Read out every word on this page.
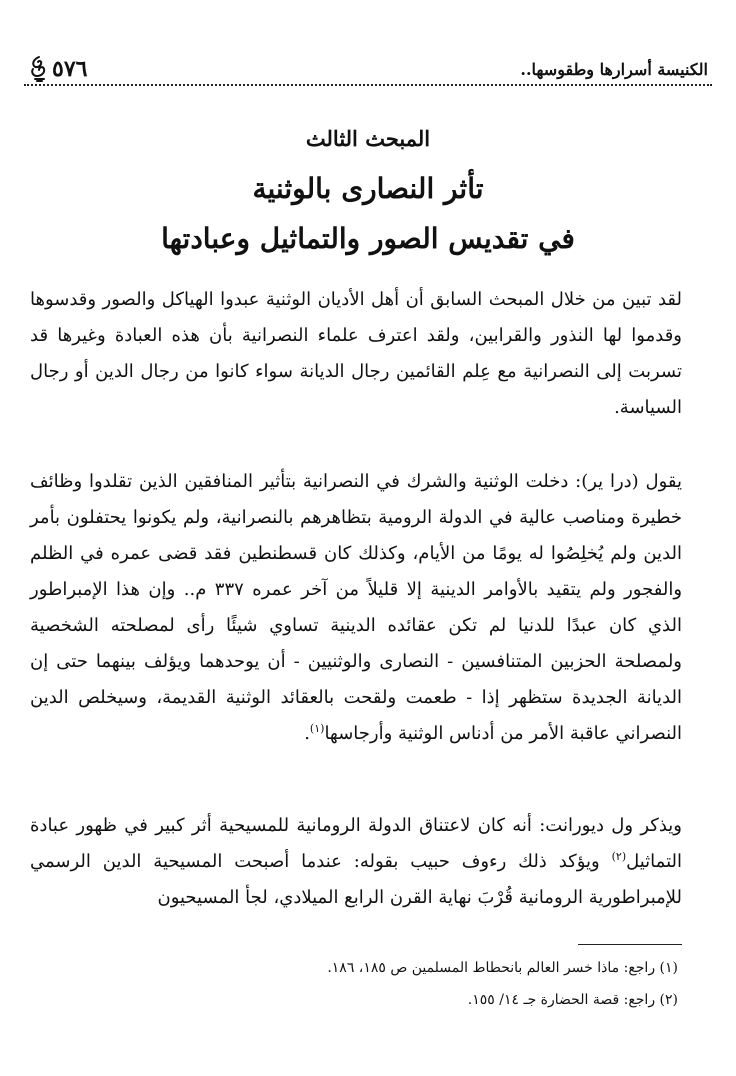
الكنيسة أسرارها وطقوسها..
٥٧٦
المبحث الثالث
تأثر النصارى بالوثنية
في تقديس الصور والتماثيل وعبادتها

لقد تبين من خلال المبحث السابق أن أهل الأديان الوثنية عبدوا الهياكل والصور وقدسوها وقدموا لها النذور والقرابين، ولقد اعترف علماء النصرانية بأن هذه العبادة وغيرها قد تسربت إلى النصرانية مع عِلم القائمين رجال الديانة سواء كانوا من رجال الدين أو رجال السياسة.

يقول (درا ير): دخلت الوثنية والشرك في النصرانية بتأثير المنافقين الذين تقلدوا وظائف خطيرة ومناصب عالية في الدولة الرومية بتظاهرهم بالنصرانية، ولم يكونوا يحتفلون بأمر الدين ولم يُخلِصُوا له يومًا من الأيام، وكذلك كان قسطنطين فقد قضى عمره في الظلم والفجور ولم يتقيد بالأوامر الدينية إلا قليلاً من آخر عمره ٣٣٧ م.. وإن هذا الإمبراطور الذي كان عبدًا للدنيا لم تكن عقائده الدينية تساوي شيئًا رأى لمصلحته الشخصية ولمصلحة الحزبين المتنافسين - النصارى والوثنيين - أن يوحدهما ويؤلف بينهما حتى إن الديانة الجديدة ستظهر إذا - طعمت ولقحت بالعقائد الوثنية القديمة، وسيخلص الدين النصراني عاقبة الأمر من أدناس الوثنية وأرجاسها$^{(١)}$.

ويذكر ول ديورانت: أنه كان لاعتناق الدولة الرومانية للمسيحية أثر كبير في ظهور عبادة التماثيل$^{(٢)}$ ويؤكد ذلك رءوف حبيب بقوله: عندما أصبحت المسيحية الدين الرسمي للإمبراطورية الرومانية قُرْبَ نهاية القرن الرابع الميلادي، لجأ المسيحيون

(١) راجع: ماذا خسر العالم بانحطاط المسلمين ص ١٨٥، ١٨٦.
(٢) راجع: قصة الحضارة جـ ١٤/ ١٥٥.
